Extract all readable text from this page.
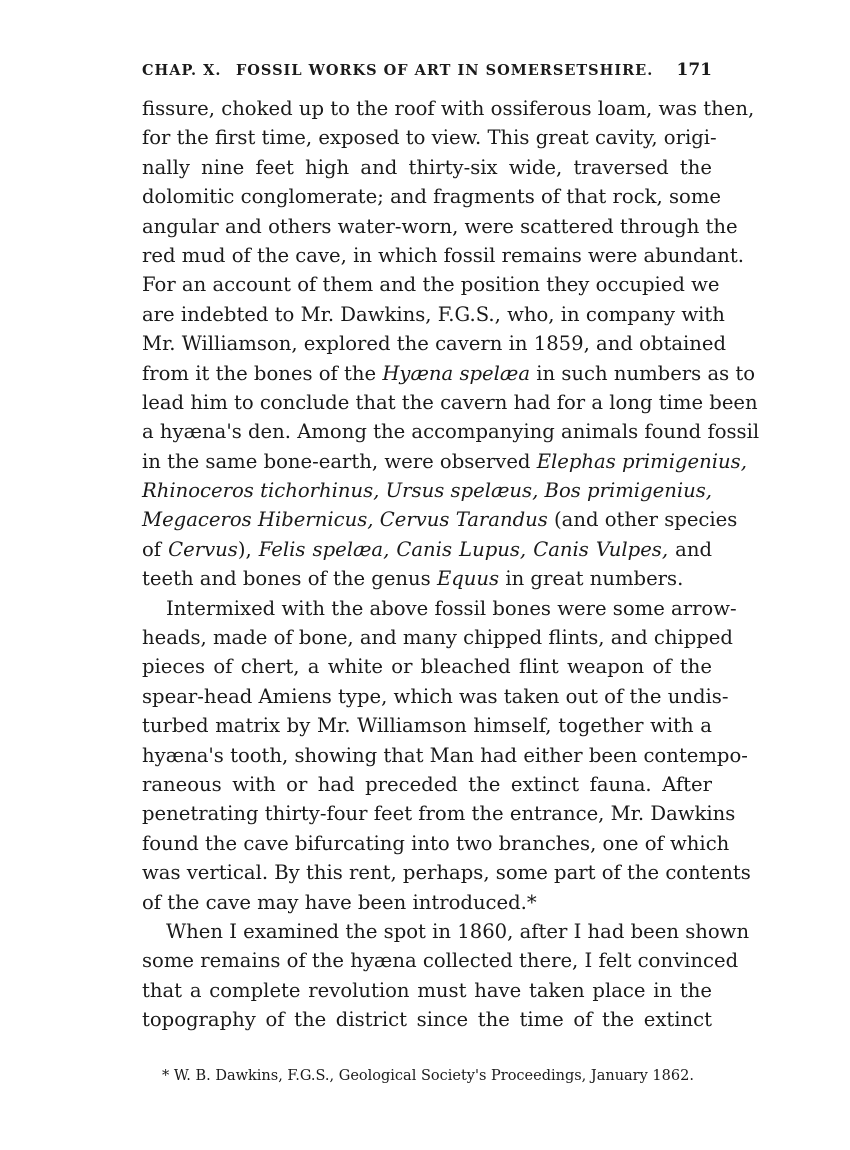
CHAP. X. FOSSIL WORKS OF ART IN SOMERSETSHIRE. 171
fissure, choked up to the roof with ossiferous loam, was then,
for the first time, exposed to view. This great cavity, origi-
nally nine feet high and thirty-six wide, traversed the
dolomitic conglomerate; and fragments of that rock, some
angular and others water-worn, were scattered through the
red mud of the cave, in which fossil remains were abundant.
For an account of them and the position they occupied we
are indebted to Mr. Dawkins, F.G.S., who, in company with
Mr. Williamson, explored the cavern in 1859, and obtained
from it the bones of the Hyæna spelæa in such numbers as to
lead him to conclude that the cavern had for a long time been
a hyæna's den. Among the accompanying animals found fossil
in the same bone-earth, were observed Elephas primigenius,
Rhinoceros tichorhinus, Ursus spelæus, Bos primigenius,
Megaceros Hibernicus, Cervus Tarandus (and other species
of Cervus), Felis spelæa, Canis Lupus, Canis Vulpes, and
teeth and bones of the genus Equus in great numbers.
Intermixed with the above fossil bones were some arrow-
heads, made of bone, and many chipped flints, and chipped
pieces of chert, a white or bleached flint weapon of the
spear-head Amiens type, which was taken out of the undis-
turbed matrix by Mr. Williamson himself, together with a
hyæna's tooth, showing that Man had either been contempo-
raneous with or had preceded the extinct fauna. After
penetrating thirty-four feet from the entrance, Mr. Dawkins
found the cave bifurcating into two branches, one of which
was vertical. By this rent, perhaps, some part of the contents
of the cave may have been introduced.*
When I examined the spot in 1860, after I had been shown
some remains of the hyæna collected there, I felt convinced
that a complete revolution must have taken place in the
topography of the district since the time of the extinct
* W. B. Dawkins, F.G.S., Geological Society's Proceedings, January 1862.
